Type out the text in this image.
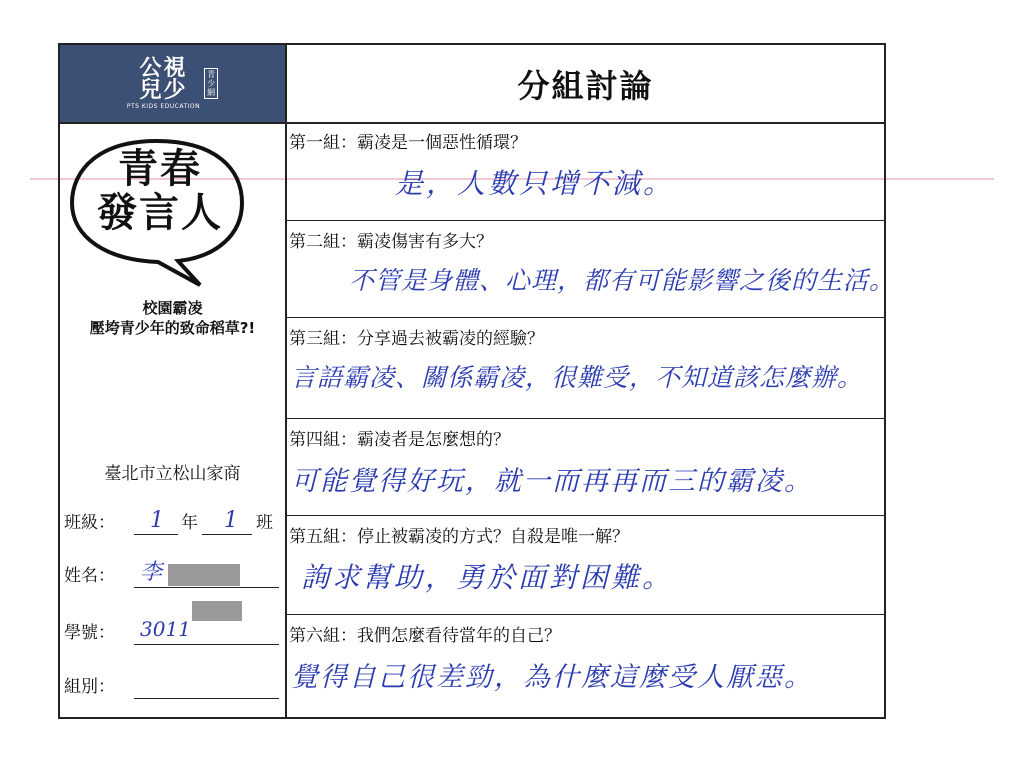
公視
兒少
PTS KIDS EDUCATION
青少網
青春
發言人
校園霸凌
壓垮青少年的致命稻草?!
臺北市立松山家商
班級： 1 年 1 班
姓名： 李
學號： 3011
組別：
分組討論
第一組：霸凌是一個惡性循環？
是，人數只增不減。
第二組：霸凌傷害有多大？
不管是身體、心理，都有可能影響之後的生活。
第三組：分享過去被霸凌的經驗？
言語霸凌、關係霸凌，很難受，不知道該怎麼辦。
第四組：霸凌者是怎麼想的？
可能覺得好玩，就一而再再而三的霸凌。
第五組：停止被霸凌的方式？自殺是唯一解？
詢求幫助，勇於面對困難。
第六組：我們怎麼看待當年的自己？
覺得自己很差勁，為什麼這麼受人厭惡。
